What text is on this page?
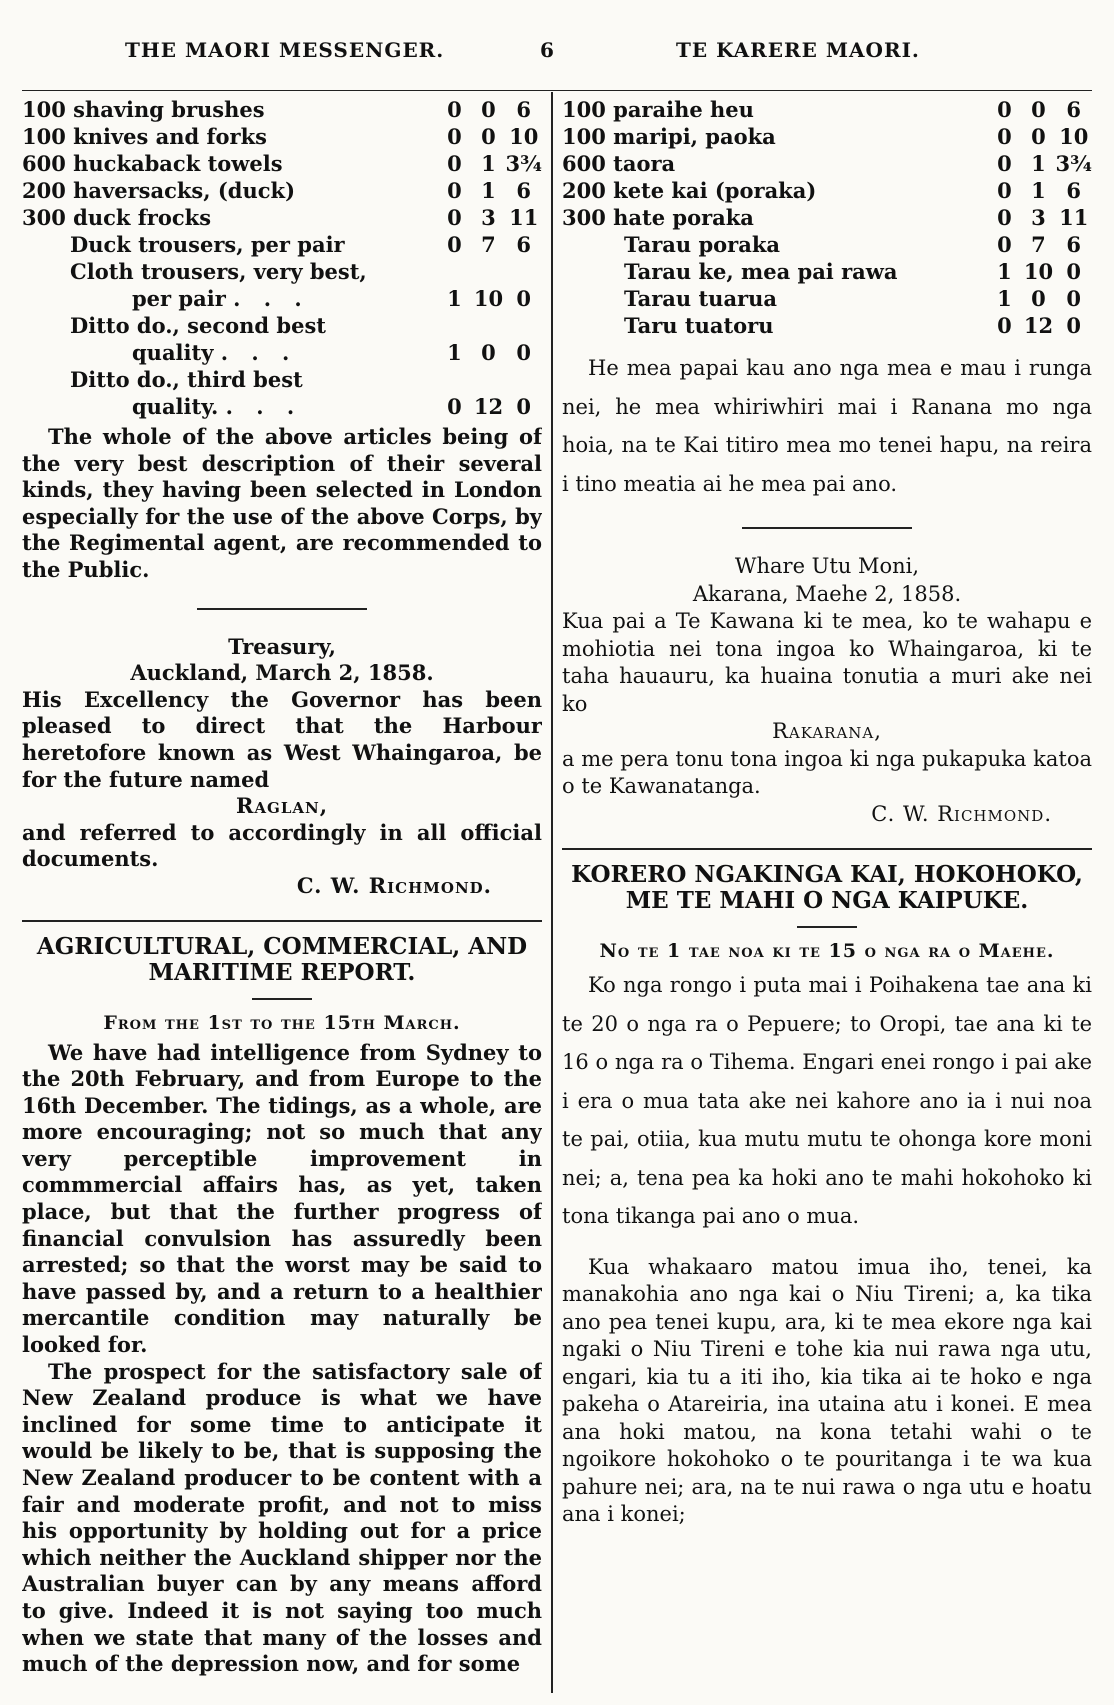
THE MAORI MESSENGER.	6	TE KARERE MAORI.
100 shaving brushes		0	0	6
100 knives and forks		0	0	10
600 huckaback towels		0	1	3¾
200 haversacks, (duck)		0	1	6
300 duck frocks		0	3	11
	Duck trousers, per pair	0	7	6
	Cloth trousers, very best,			
	per pair . . .	1	10	0
	Ditto do., second best			
	quality . . .	1	0	0
	Ditto do., third best			
	quality. . . .	0	12	0

The whole of the above articles being of the very best description of their several kinds, they having been selected in London especially for the use of the above Corps, by the Regimental agent, are recommended to the Public.

Treasury,

Auckland, March 2, 1858.

His Excellency the Governor has been pleased to direct that the Harbour heretofore known as West Whaingaroa, be for the future named

Raglan,

and referred to accordingly in all official documents.

C. W. Richmond.

AGRICULTURAL, COMMERCIAL, AND MARITIME REPORT.

From the 1st to the 15th March.

We have had intelligence from Sydney to the 20th February, and from Europe to the 16th December. The tidings, as a whole, are more encouraging; not so much that any very perceptible improvement in commmercial affairs has, as yet, taken place, but that the further progress of financial convulsion has assuredly been arrested; so that the worst may be said to have passed by, and a return to a healthier mercantile condition may naturally be looked for.

The prospect for the satisfactory sale of New Zealand produce is what we have inclined for some time to anticipate it would be likely to be, that is supposing the New Zealand producer to be content with a fair and moderate profit, and not to miss his opportunity by holding out for a price which neither the Auckland shipper nor the Australian buyer can by any means afford to give. Indeed it is not saying too much when we state that many of the losses and much of the depression now, and for some

100 paraihe heu	0	0	6
100 maripi, paoka	0	0	10
600 taora	0	1	3¾
200 kete kai (poraka)	0	1	6
300 hate poraka	0	3	11
Tarau poraka	0	7	6
Tarau ke, mea pai rawa	1	10	0
Tarau tuarua	1	0	0
Taru tuatoru	0	12	0

He mea papai kau ano nga mea e mau i runga nei, he mea whiriwhiri mai i Ranana mo nga hoia, na te Kai titiro mea mo tenei hapu, na reira i tino meatia ai he mea pai ano.

Whare Utu Moni,

Akarana, Maehe 2, 1858.

Kua pai a Te Kawana ki te mea, ko te wahapu e mohiotia nei tona ingoa ko Whaingaroa, ki te taha hauauru, ka huaina tonutia a muri ake nei ko

Rakarana,

a me pera tonu tona ingoa ki nga pukapuka katoa o te Kawanatanga.

C. W. Richmond.

KORERO NGAKINGA KAI, HOKOHOKO, ME TE MAHI O NGA KAIPUKE.

No te 1 tae noa ki te 15 o nga ra o Maehe.

Ko nga rongo i puta mai i Poihakena tae ana ki te 20 o nga ra o Pepuere; to Oropi, tae ana ki te 16 o nga ra o Tihema. Engari enei rongo i pai ake i era o mua tata ake nei kahore ano ia i nui noa te pai, otiia, kua mutu mutu te ohonga kore moni nei; a, tena pea ka hoki ano te mahi hokohoko ki tona tikanga pai ano o mua.

Kua whakaaro matou imua iho, tenei, ka manakohia ano nga kai o Niu Tireni; a, ka tika ano pea tenei kupu, ara, ki te mea ekore nga kai ngaki o Niu Tireni e tohe kia nui rawa nga utu, engari, kia tu a iti iho, kia tika ai te hoko e nga pakeha o Atareiria, ina utaina atu i konei. E mea ana hoki matou, na kona tetahi wahi o te ngoikore hokohoko o te pouritanga i te wa kua pahure nei; ara, na te nui rawa o nga utu e hoatu ana i konei;
